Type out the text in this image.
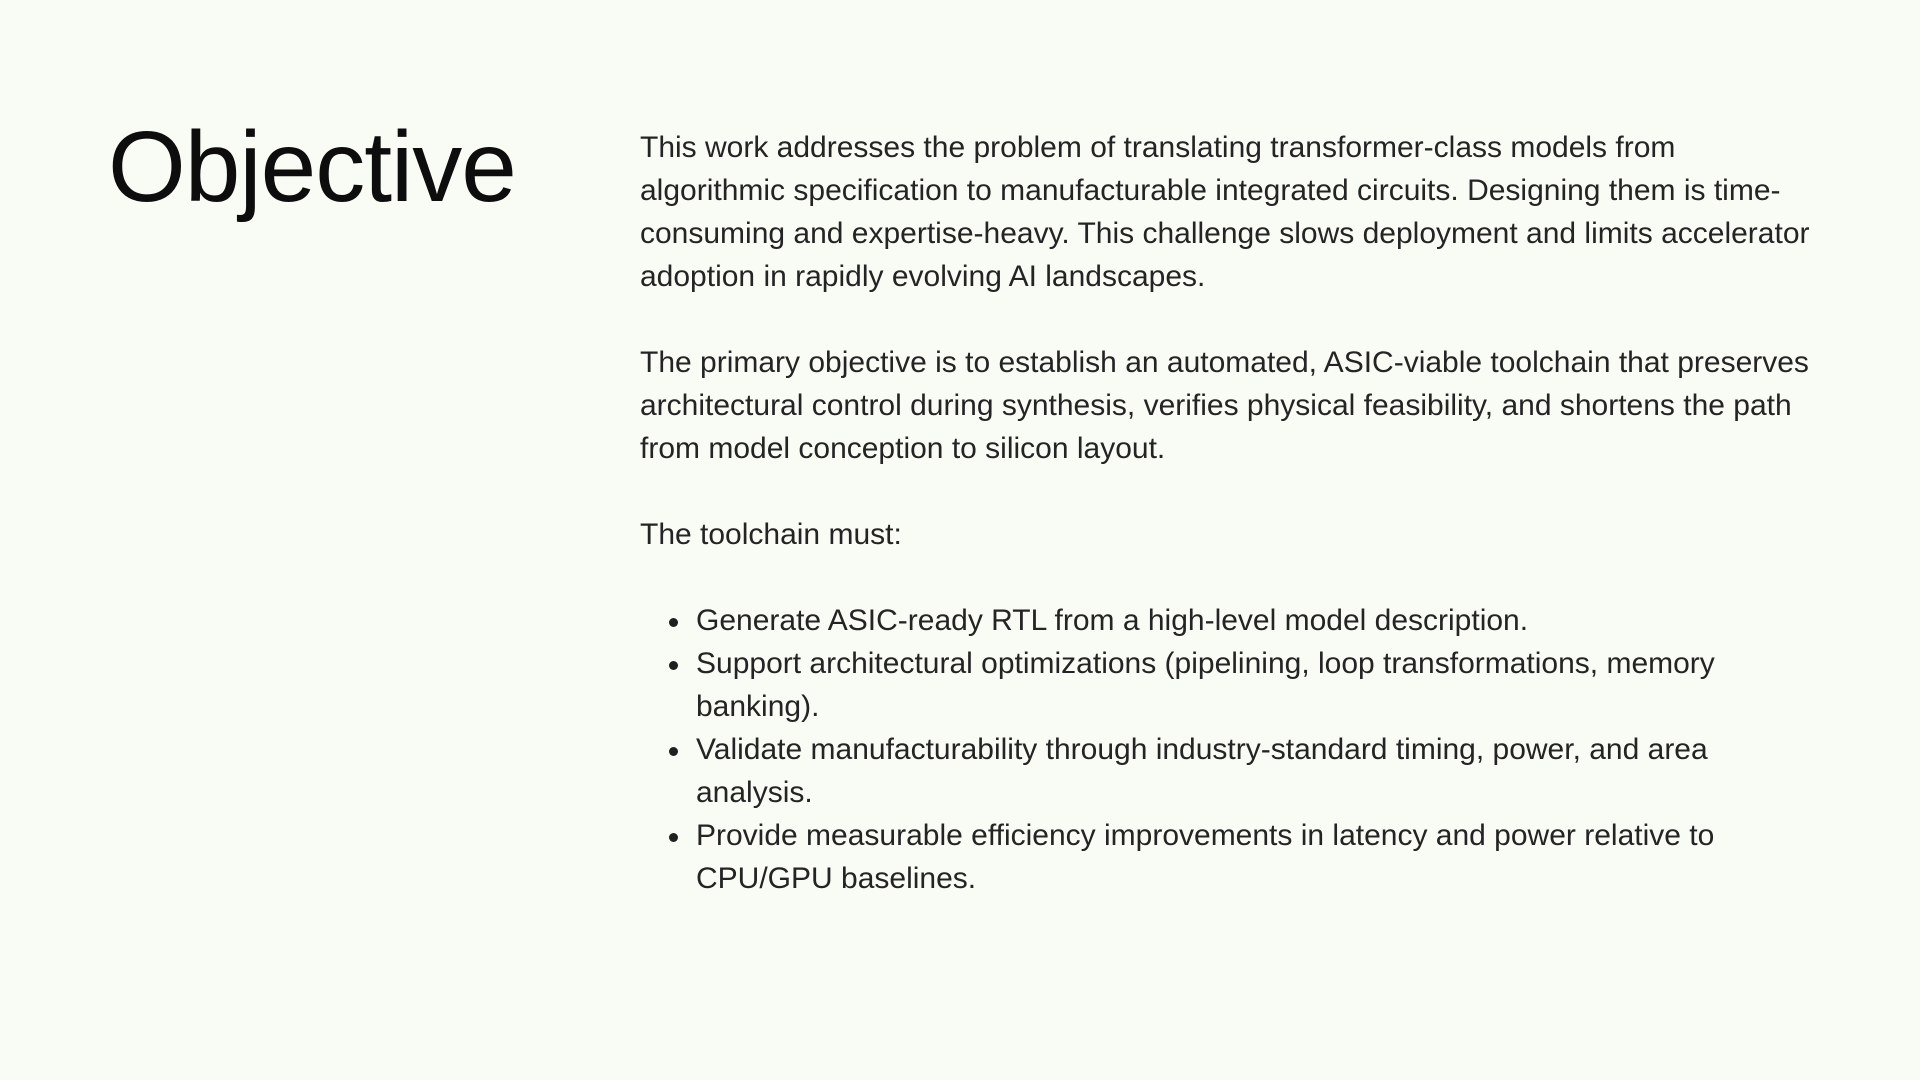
Objective	This work addresses the problem of translating transformer-class models from algorithmic specification to manufacturable integrated circuits. Designing them is time-consuming and expertise-heavy. This challenge slows deployment and limits accelerator adoption in rapidly evolving AI landscapes.

The primary objective is to establish an automated, ASIC-viable toolchain that preserves architectural control during synthesis, verifies physical feasibility, and shortens the path from model conception to silicon layout.

The toolchain must:

Generate ASIC-ready RTL from a high-level model description.
Support architectural optimizations (pipelining, loop transformations, memory banking).
Validate manufacturability through industry-standard timing, power, and area analysis.
Provide measurable efficiency improvements in latency and power relative to CPU/GPU baselines.
